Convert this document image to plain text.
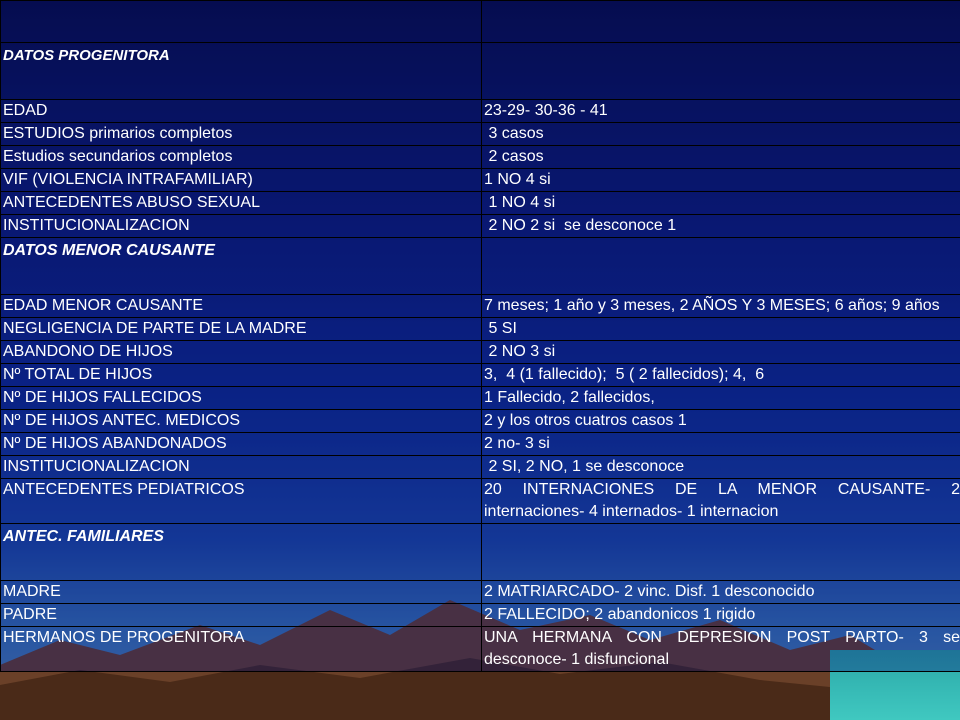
DATOS PROGENITORA	
EDAD	23-29- 30-36 - 41
ESTUDIOS primarios completos	3 casos
Estudios secundarios completos	2 casos
VIF (VIOLENCIA INTRAFAMILIAR)	1 NO 4 si
ANTECEDENTES ABUSO SEXUAL	1 NO 4 si
INSTITUCIONALIZACION	2 NO 2 si  se desconoce 1
DATOS MENOR CAUSANTE	
EDAD MENOR CAUSANTE	7 meses; 1 año y 3 meses, 2 AÑOS Y 3 MESES; 6 años; 9 años
NEGLIGENCIA DE PARTE DE LA MADRE	5 SI
ABANDONO DE HIJOS	2 NO 3 si
Nº TOTAL DE HIJOS	3,  4 (1 fallecido);  5 ( 2 fallecidos); 4,  6
Nº DE HIJOS FALLECIDOS	1 Fallecido, 2 fallecidos,
Nº DE HIJOS ANTEC. MEDICOS	2 y los otros cuatros casos 1
Nº DE HIJOS ABANDONADOS	2 no- 3 si
INSTITUCIONALIZACION	2 SI, 2 NO, 1 se desconoce
ANTECEDENTES PEDIATRICOS	20 INTERNACIONES DE LA MENOR CAUSANTE- 2 internaciones- 4 internados- 1 internacion
ANTEC. FAMILIARES	
MADRE	2 MATRIARCADO- 2 vinc. Disf. 1 desconocido
PADRE	2 FALLECIDO; 2 abandonicos 1 rigido
HERMANOS DE PROGENITORA	UNA HERMANA CON DEPRESION POST PARTO- 3 se desconoce- 1 disfuncional
